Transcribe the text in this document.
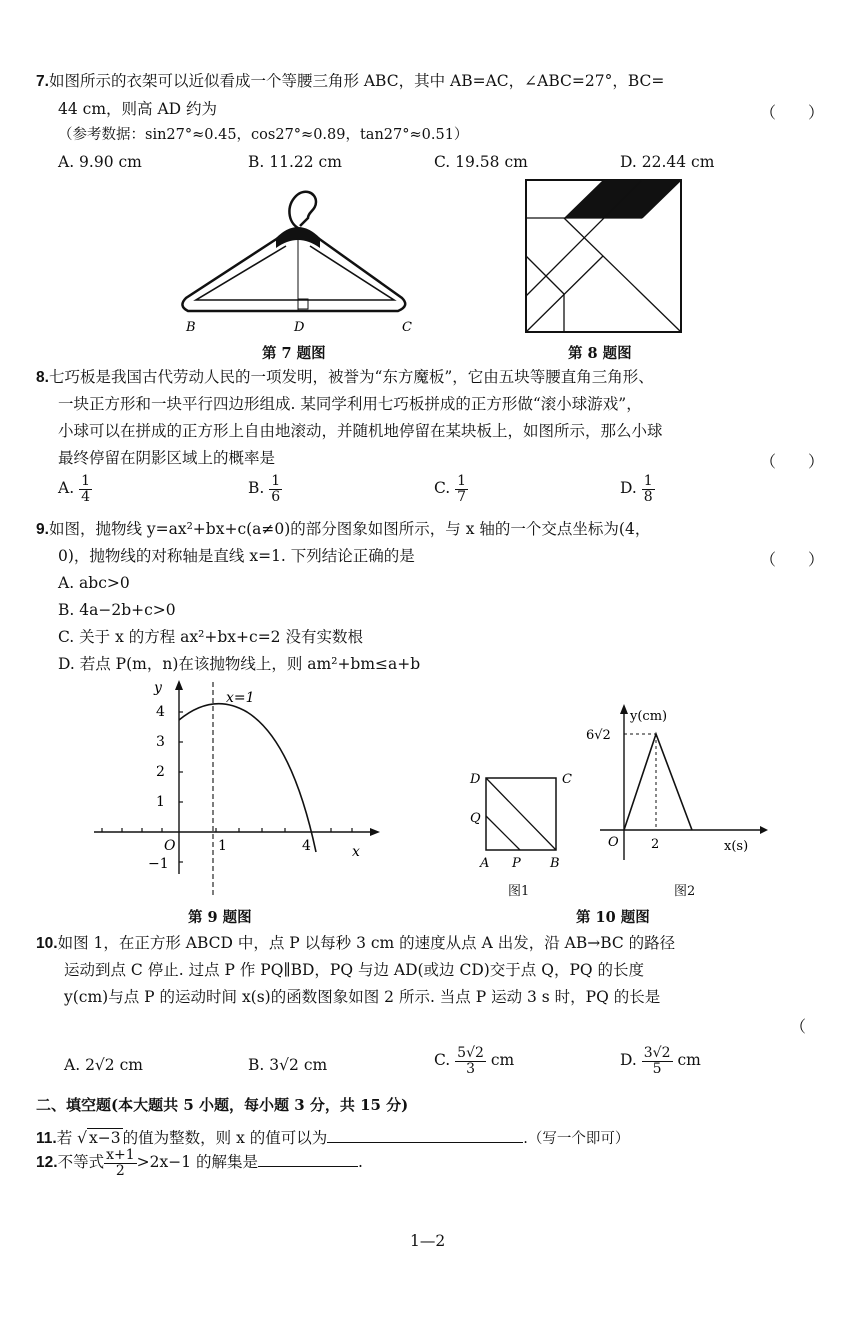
7.如图所示的衣架可以近似看成一个等腰三角形 ABC，其中 AB=AC，∠ABC=27°，BC=
44 cm，则高 AD 约为	（　　）
（参考数据：sin27°≈0.45，cos27°≈0.89，tan27°≈0.51）
A. 9.90 cm	B. 11.22 cm	C. 19.58 cm	D. 22.44 cm
B	D	C
第 7 题图	第 8 题图
8.七巧板是我国古代劳动人民的一项发明，被誉为“东方魔板”，它由五块等腰直角三角形、
一块正方形和一块平行四边形组成. 某同学利用七巧板拼成的正方形做“滚小球游戏”，
小球可以在拼成的正方形上自由地滚动，并随机地停留在某块板上，如图所示，那么小球
最终停留在阴影区域上的概率是	（　　）
A. $\frac{1}{4}$	B. $\frac{1}{6}$	C. $\frac{1}{7}$	D. $\frac{1}{8}$
9.如图，抛物线 y=ax²+bx+c(a≠0)的部分图象如图所示，与 x 轴的一个交点坐标为(4，
0)，抛物线的对称轴是直线 x=1. 下列结论正确的是	（　　）
A. abc>0
B. 4a−2b+c>0
C. 关于 x 的方程 ax²+bx+c=2 没有实数根
D. 若点 P(m，n)在该抛物线上，则 am²+bm≤a+b
y
x
O
x=1
4
3
2
1
−1
1	4
第 9 题图
D	C
Q
A P B
图1
y(cm)
x(s)
O
6√2
2
图2
第 10 题图
10.如图 1，在正方形 ABCD 中，点 P 以每秒 3 cm 的速度从点 A 出发，沿 AB→BC 的路径
运动到点 C 停止. 过点 P 作 PQ∥BD，PQ 与边 AD(或边 CD)交于点 Q，PQ 的长度
y(cm)与点 P 的运动时间 x(s)的函数图象如图 2 所示. 当点 P 运动 3 s 时，PQ 的长是
（
A. 2√2 cm	B. 3√2 cm	C. $\frac{5√2}{3}$ cm	D. $\frac{3√2}{5}$ cm
二、填空题(本大题共 5 小题，每小题 3 分，共 15 分)
11.若 √ x−3 的值为整数，则 x 的值可以为	.（写一个即可）
12.不等式 $\frac{x+1}{2} >2x-1$ 的解集是	.
1—2
